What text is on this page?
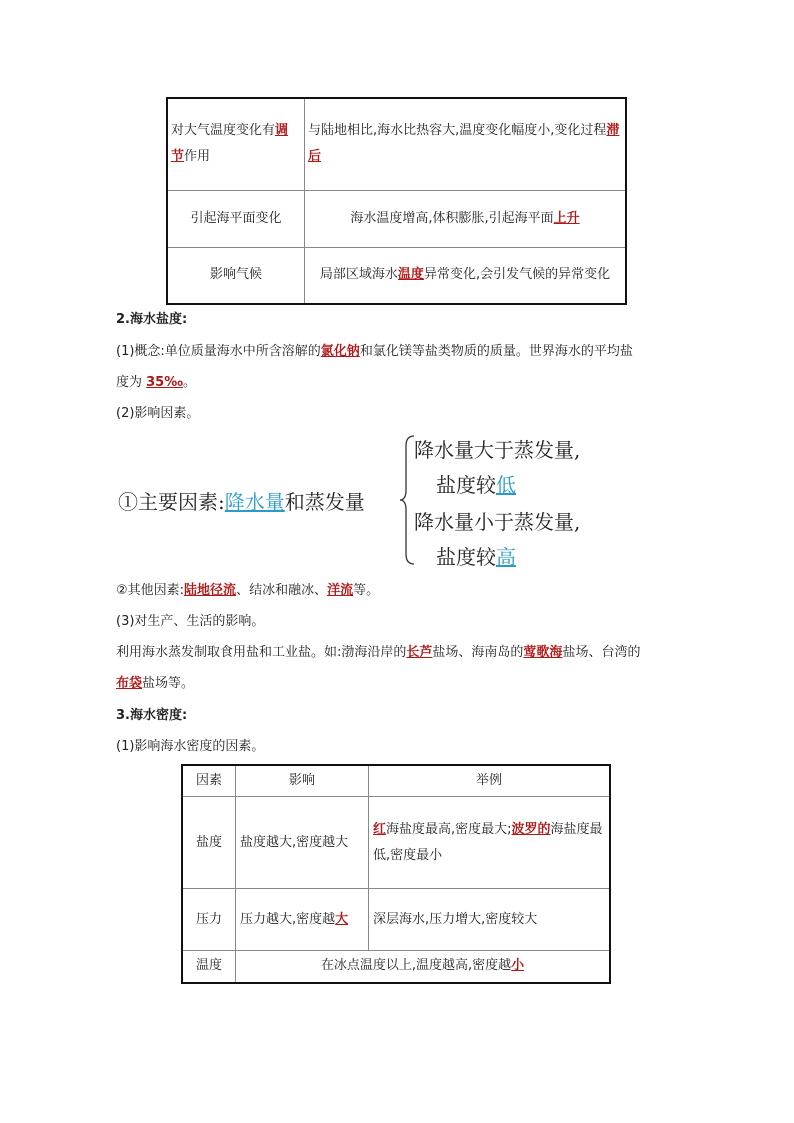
对大气温度变化有调
节作用	与陆地相比,海水比热容大,温度变化幅度小,变化过程滞后
引起海平面变化	海水温度增高,体积膨胀,引起海平面上升
影响气候	局部区域海水温度异常变化,会引发气候的异常变化
2.海水盐度:
(1)概念:单位质量海水中所含溶解的氯化钠和氯化镁等盐类物质的质量。世界海水的平均盐
度为 35‰。
(2)影响因素。
①主要因素:降水量和蒸发量
降水量大于蒸发量,
盐度较低
降水量小于蒸发量,
盐度较高
②其他因素:陆地径流、结冰和融冰、洋流等。
(3)对生产、生活的影响。
利用海水蒸发制取食用盐和工业盐。如:渤海沿岸的长芦盐场、海南岛的莺歌海盐场、台湾的
布袋盐场等。
3.海水密度:
(1)影响海水密度的因素。
因素	影响	举例
盐度	盐度越大,密度越大	红海盐度最高,密度最大;波罗的海盐度最低,密度最小
压力	压力越大,密度越大	深层海水,压力增大,密度较大
温度	在冰点温度以上,温度越高,密度越小	
